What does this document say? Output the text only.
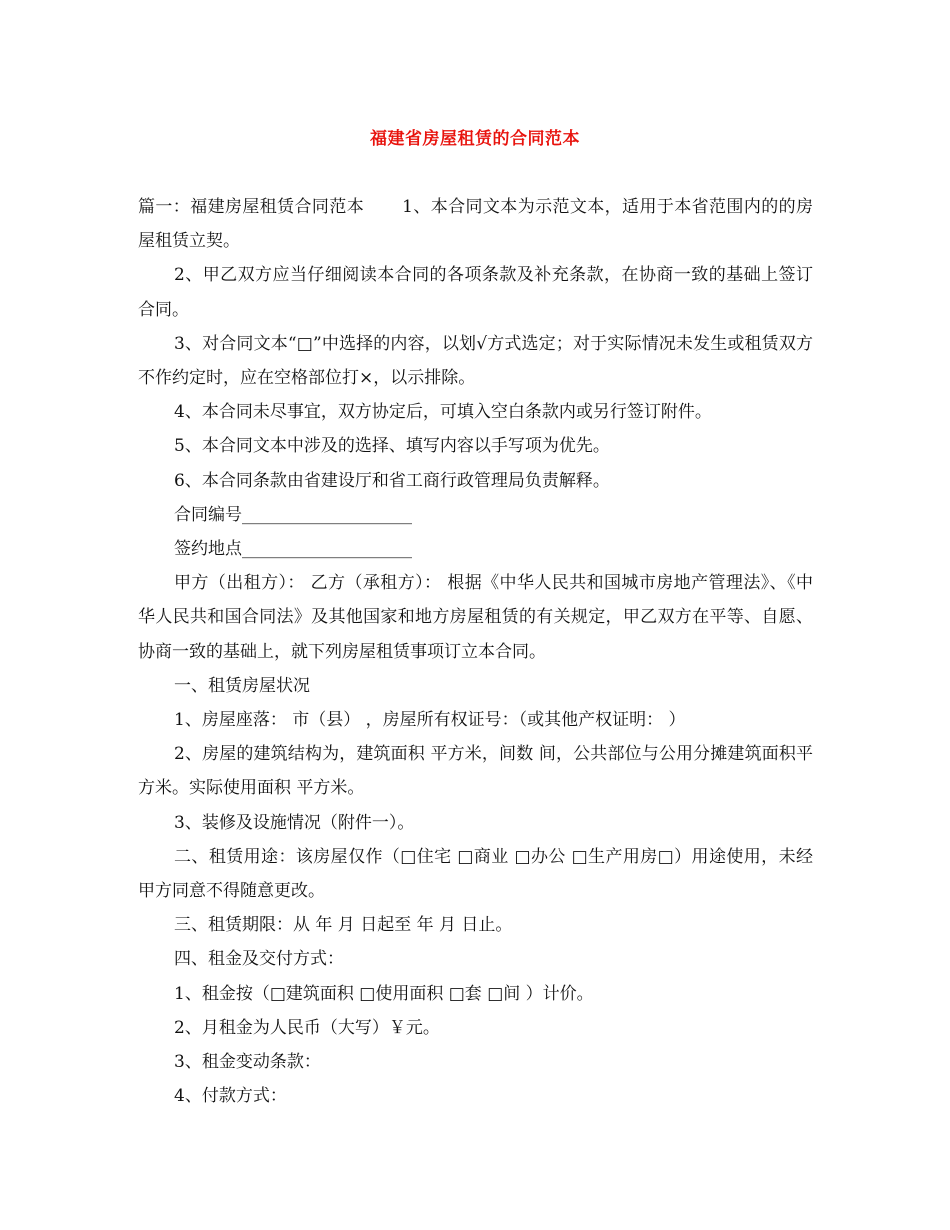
福建省房屋租赁的合同范本

篇一：福建房屋租赁合同范本 1、本合同文本为示范文本，适用于本省范围内的的房屋租赁立契。

2、甲乙双方应当仔细阅读本合同的各项条款及补充条款，在协商一致的基础上签订合同。

3、对合同文本“□”中选择的内容，以划√方式选定；对于实际情况未发生或租赁双方不作约定时，应在空格部位打×，以示排除。

4、本合同未尽事宜，双方协定后，可填入空白条款内或另行签订附件。

5、本合同文本中涉及的选择、填写内容以手写项为优先。

6、本合同条款由省建设厅和省工商行政管理局负责解释。

合同编号____________________

签约地点____________________

甲方（出租方）： 乙方（承租方）： 根据《中华人民共和国城市房地产管理法》、《中华人民共和国合同法》及其他国家和地方房屋租赁的有关规定，甲乙双方在平等、自愿、协商一致的基础上，就下列房屋租赁事项订立本合同。

一、租赁房屋状况

1、房屋座落： 市（县） ，房屋所有权证号：（或其他产权证明： ）

2、房屋的建筑结构为，建筑面积 平方米，间数 间，公共部位与公用分摊建筑面积平方米。实际使用面积 平方米。

3、装修及设施情况（附件一）。

二、租赁用途：该房屋仅作（□住宅 □商业 □办公 □生产用房□）用途使用，未经甲方同意不得随意更改。

三、租赁期限：从 年 月 日起至 年 月 日止。

四、租金及交付方式：

1、租金按（□建筑面积 □使用面积 □套 □间 ）计价。

2、月租金为人民币（大写）￥元。

3、租金变动条款：

4、付款方式：
